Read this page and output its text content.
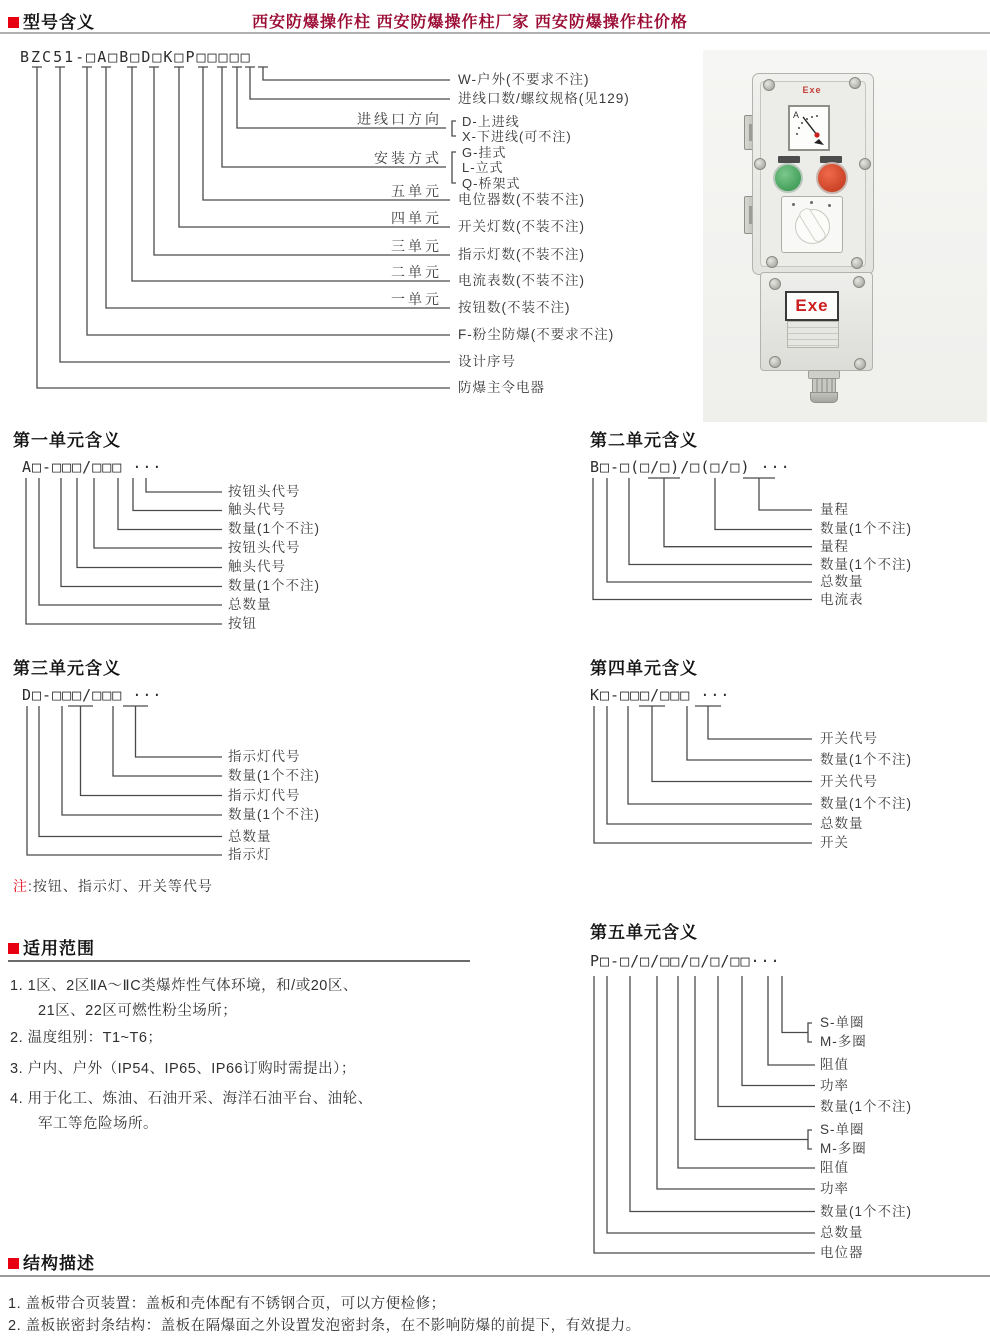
型号含义	西安防爆操作柱 西安防爆操作柱厂家 西安防爆操作柱价格
BZC51-□A□B□D□K□P□□□□□
进线口方向
安装方式
五单元
四单元
三单元
二单元
一单元
W-户外(不要求不注)
进线口数/螺纹规格(见129)
D-上进线
X-下进线(可不注)
G-挂式
L-立式
Q-桥架式
电位器数(不装不注)
开关灯数(不装不注)
指示灯数(不装不注)
电流表数(不装不注)
按钮数(不装不注)
F-粉尘防爆(不要求不注)
设计序号
防爆主令电器
Exe
A
Exe
第一单元含义
A□-□□□/□□□ ···
按钮头代号
触头代号
数量(1个不注)
按钮头代号
触头代号
数量(1个不注)
总数量
按钮
第二单元含义
B□-□(□/□)/□(□/□) ···
量程
数量(1个不注)
量程
数量(1个不注)
总数量
电流表
第三单元含义
D□-□□□/□□□ ···
指示灯代号
数量(1个不注)
指示灯代号
数量(1个不注)
总数量
指示灯
第四单元含义
K□-□□□/□□□ ···
开关代号
数量(1个不注)
开关代号
数量(1个不注)
总数量
开关
注:按钮、指示灯、开关等代号
适用范围
1. 1区、2区ⅡA～ⅡC类爆炸性气体环境，和/或20区、
21区、22区可燃性粉尘场所；
2. 温度组别：T1~T6；
3. 户内、户外（IP54、IP65、IP66订购时需提出）；
4. 用于化工、炼油、石油开采、海洋石油平台、油轮、
军工等危险场所。
第五单元含义
P□-□/□/□□/□/□/□□···
S-单圈
M-多圈
阻值
功率
数量(1个不注)
S-单圈
M-多圈
阻值
功率
数量(1个不注)
总数量
电位器
结构描述
1. 盖板带合页装置：盖板和壳体配有不锈钢合页，可以方便检修；
2. 盖板嵌密封条结构：盖板在隔爆面之外设置发泡密封条，在不影响防爆的前提下，有效提力。
